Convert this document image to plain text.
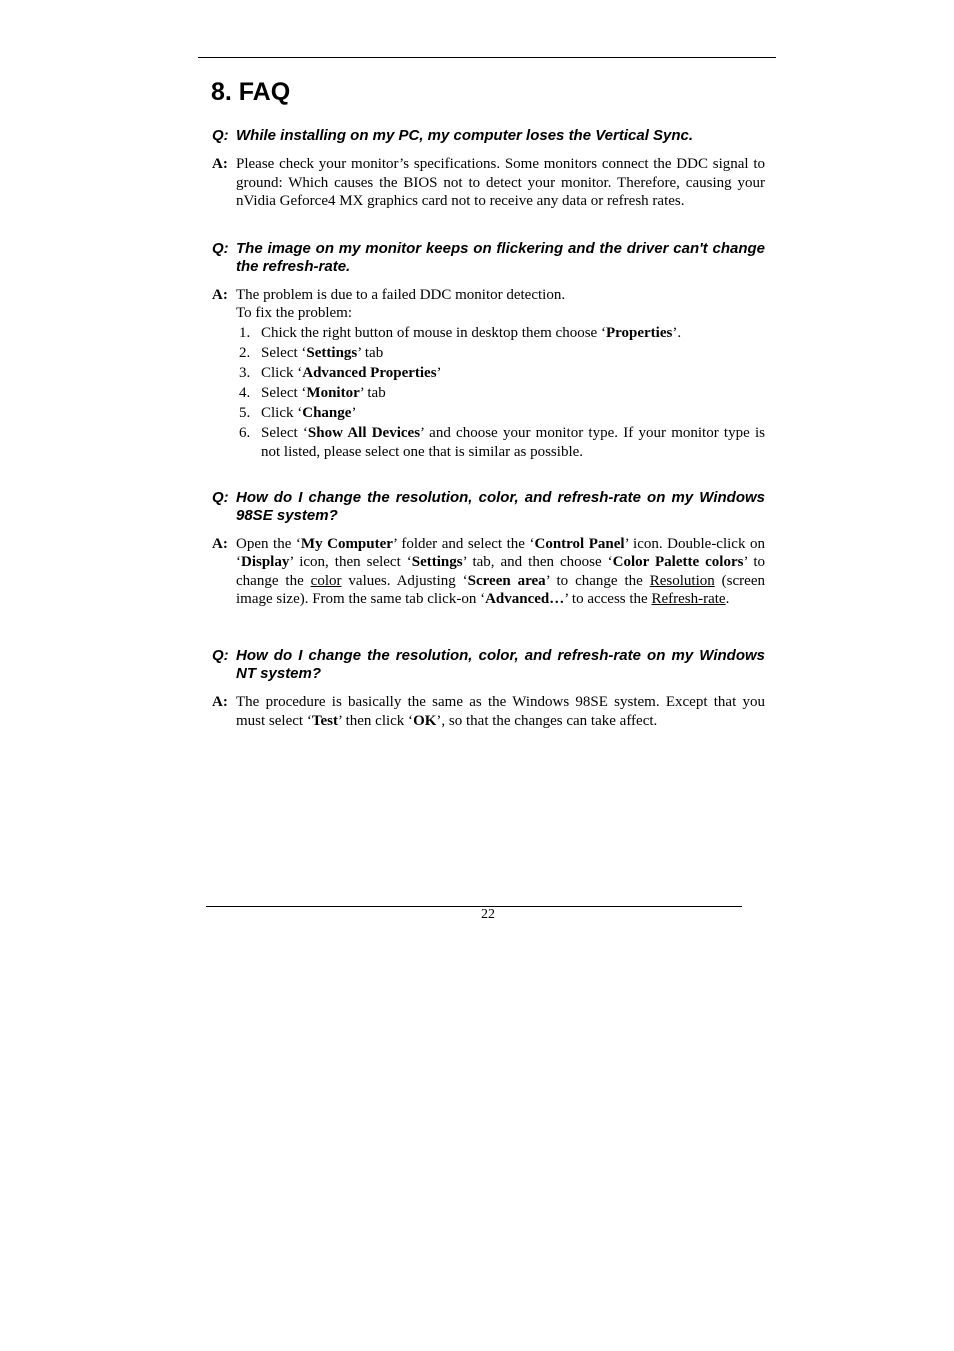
8. FAQ
Q: While installing on my PC, my computer loses the Vertical Sync.
A: Please check your monitor’s specifications. Some monitors connect the DDC signal to ground: Which causes the BIOS not to detect your monitor. Therefore, causing your nVidia Geforce4 MX graphics card not to receive any data or refresh rates.
Q: The image on my monitor keeps on flickering and the driver can't change the refresh-rate.
A: The problem is due to a failed DDC monitor detection.

To fix the problem:

1. Chick the right button of mouse in desktop them choose ‘Properties’.
2. Select ‘Settings’ tab
3. Click ‘Advanced Properties’
4. Select ‘Monitor’ tab
5. Click ‘Change’
6. Select ‘Show All Devices’ and choose your monitor type. If your monitor type is not listed, please select one that is similar as possible.
Q: How do I change the resolution, color, and refresh-rate on my Windows 98SE system?
A: Open the ‘My Computer’ folder and select the ‘Control Panel’ icon. Double-click on ‘Display’ icon, then select ‘Settings’ tab, and then choose ‘Color Palette colors’ to change the color values. Adjusting ‘Screen area’ to change the Resolution (screen image size). From the same tab click-on ‘Advanced…’ to access the Refresh-rate.
Q: How do I change the resolution, color, and refresh-rate on my Windows NT system?
A: The procedure is basically the same as the Windows 98SE system. Except that you must select ‘Test’ then click ‘OK’, so that the changes can take affect.
22
